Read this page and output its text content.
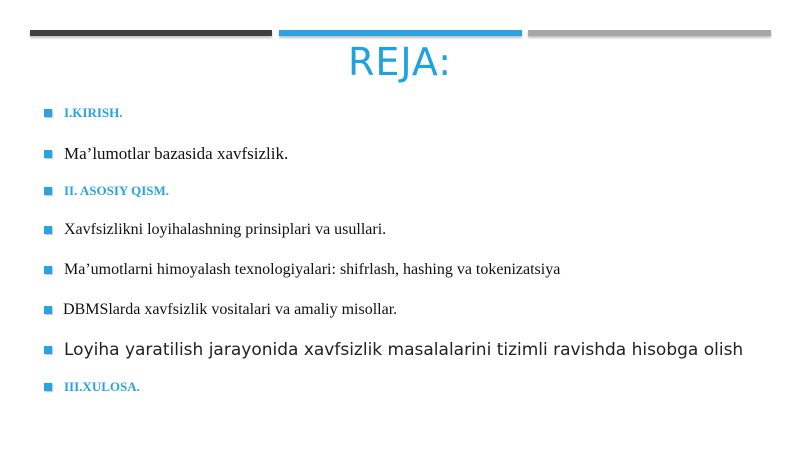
REJA:
I.KIRISH.
Ma’lumotlar bazasida xavfsizlik.
II. ASOSIY QISM.
Xavfsizlikni loyihalashning prinsiplari va usullari.
Ma’umotlarni himoyalash texnologiyalari: shifrlash, hashing va tokenizatsiya
DBMSlarda xavfsizlik vositalari va amaliy misollar.
Loyiha yaratilish jarayonida xavfsizlik masalalarini tizimli ravishda hisobga olish
III.XULOSA.
